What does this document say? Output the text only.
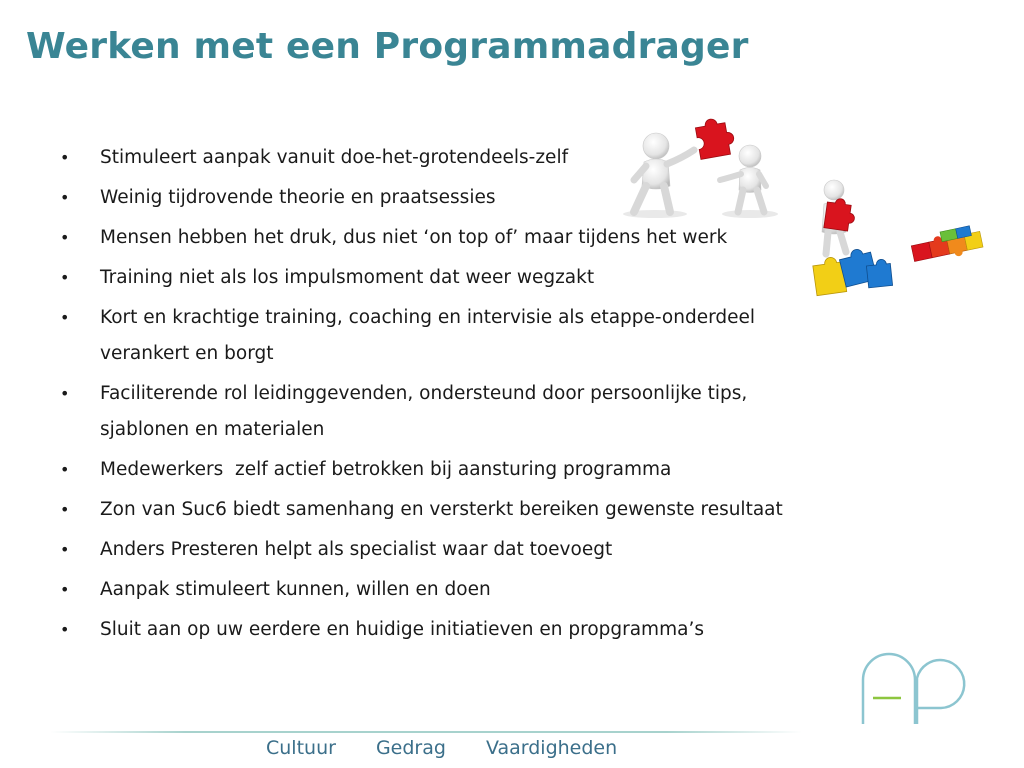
Werken met een Programmadrager
• Stimuleert aanpak vanuit doe-het-grotendeels-zelf
• Weinig tijdrovende theorie en praatsessies
• Mensen hebben het druk, dus niet ‘on top of’ maar tijdens het werk
• Training niet als los impulsmoment dat weer wegzakt
• Kort en krachtige training, coaching en intervisie als etappe-onderdeel
verankert en borgt
• Faciliterende rol leidinggevenden, ondersteund door persoonlijke tips,
sjablonen en materialen
• Medewerkers  zelf actief betrokken bij aansturing programma
• Zon van Suc6 biedt samenhang en versterkt bereiken gewenste resultaat
• Anders Presteren helpt als specialist waar dat toevoegt
• Aanpak stimuleert kunnen, willen en doen
• Sluit aan op uw eerdere en huidige initiatieven en propgramma’s
Cultuur Gedrag Vaardigheden
